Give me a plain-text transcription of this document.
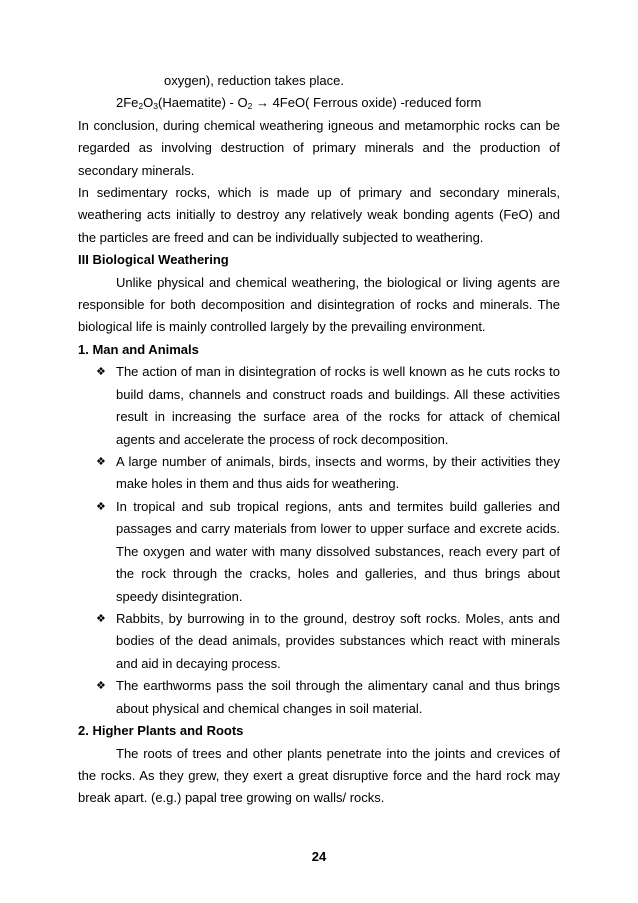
oxygen), reduction takes place.

$2Fe_2O_3(Haematite) - O_2 \to 4FeO$( Ferrous oxide) -reduced form

In conclusion, during chemical weathering igneous and metamorphic rocks can be regarded as involving destruction of primary minerals and the production of secondary minerals.

In sedimentary rocks, which is made up of primary and secondary minerals, weathering acts initially to destroy any relatively weak bonding agents (FeO) and the particles are freed and can be individually subjected to weathering.

III Biological Weathering

Unlike physical and chemical weathering, the biological or living agents are responsible for both decomposition and disintegration of rocks and minerals. The biological life is mainly controlled largely by the prevailing environment.

1. Man and Animals

❖ The action of man in disintegration of rocks is well known as he cuts rocks to build dams, channels and construct roads and buildings. All these activities result in increasing the surface area of the rocks for attack of chemical agents and accelerate the process of rock decomposition.
❖ A large number of animals, birds, insects and worms, by their activities they make holes in them and thus aids for weathering.
❖ In tropical and sub tropical regions, ants and termites build galleries and passages and carry materials from lower to upper surface and excrete acids. The oxygen and water with many dissolved substances, reach every part of the rock through the cracks, holes and galleries, and thus brings about speedy disintegration.
❖ Rabbits, by burrowing in to the ground, destroy soft rocks. Moles, ants and bodies of the dead animals, provides substances which react with minerals and aid in decaying process.
❖ The earthworms pass the soil through the alimentary canal and thus brings about physical and chemical changes in soil material.

2. Higher Plants and Roots

The roots of trees and other plants penetrate into the joints and crevices of the rocks. As they grew, they exert a great disruptive force and the hard rock may break apart. (e.g.) papal tree growing on walls/ rocks.

24
